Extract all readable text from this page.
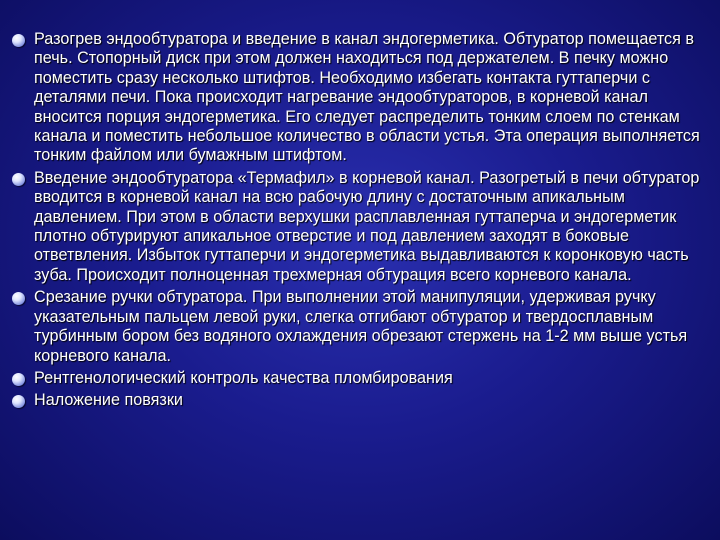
Разогрев эндообтуратора и введение в канал эндогерметика. Обтуратор помещается в печь. Стопорный диск при этом должен находиться под держателем. В печку можно поместить сразу несколько штифтов. Необходимо избегать контакта гуттаперчи с деталями печи. Пока происходит нагревание эндообтураторов, в корневой канал вносится порция эндогерметика. Его следует распределить тонким слоем по стенкам канала и поместить небольшое количество в области устья. Эта операция выполняется тонким файлом или бумажным штифтом.
Введение эндообтуратора «Термафил» в корневой канал. Разогретый в печи обтуратор вводится в корневой канал на всю рабочую длину с достаточным апикальным давлением. При этом в области верхушки расплавленная гуттаперча и эндогерметик плотно обтурируют апикальное отверстие и под давлением заходят в боковые ответвления. Избыток гуттаперчи и эндогерметика выдавливаются к коронковую часть зуба. Происходит полноценная трехмерная обтурация всего корневого канала.
Срезание ручки обтуратора. При выполнении этой манипуляции, удерживая ручку указательным пальцем левой руки, слегка отгибают обтуратор и твердосплавным турбинным бором без водяного охлаждения обрезают стержень на 1-2 мм выше устья корневого канала.
Рентгенологический контроль качества пломбирования
Наложение повязки
